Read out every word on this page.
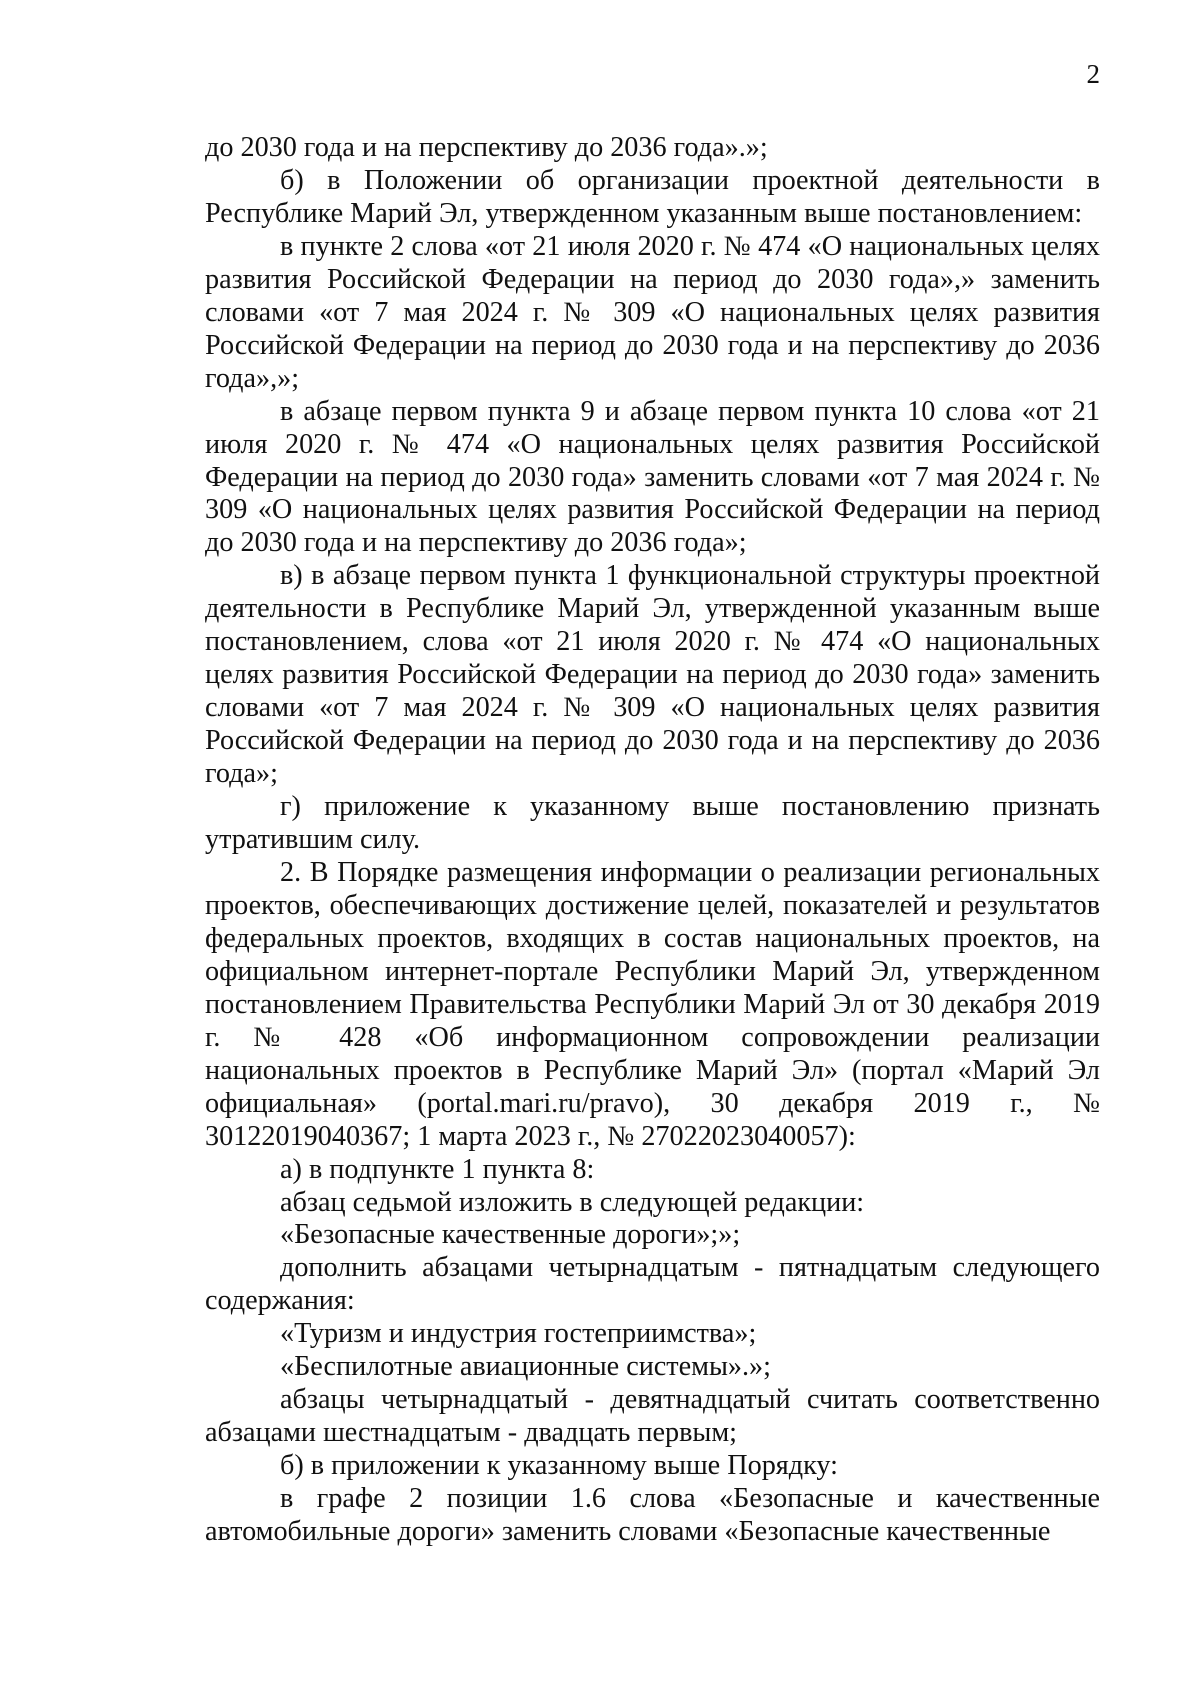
2

до 2030 года и на перспективу до 2036 года».»;

б) в Положении об организации проектной деятельности в Республике Марий Эл, утвержденном указанным выше постановлением:

в пункте 2 слова «от 21 июля 2020 г. № 474 «О национальных целях развития Российской Федерации на период до 2030 года»,» заменить словами «от 7 мая 2024 г. № 309 «О национальных целях развития Российской Федерации на период до 2030 года и на перспективу до 2036 года»,»;

в абзаце первом пункта 9 и абзаце первом пункта 10 слова «от 21 июля 2020 г. № 474 «О национальных целях развития Российской Федерации на период до 2030 года» заменить словами «от 7 мая 2024 г. № 309 «О национальных целях развития Российской Федерации на период до 2030 года и на перспективу до 2036 года»;

в) в абзаце первом пункта 1 функциональной структуры проектной деятельности в Республике Марий Эл, утвержденной указанным выше постановлением, слова «от 21 июля 2020 г. № 474 «О национальных целях развития Российской Федерации на период до 2030 года» заменить словами «от 7 мая 2024 г. № 309 «О национальных целях развития Российской Федерации на период до 2030 года и на перспективу до 2036 года»;

г) приложение к указанному выше постановлению признать утратившим силу.

2. В Порядке размещения информации о реализации региональных проектов, обеспечивающих достижение целей, показателей и результатов федеральных проектов, входящих в состав национальных проектов, на официальном интернет-портале Республики Марий Эл, утвержденном постановлением Правительства Республики Марий Эл от 30 декабря 2019 г. № 428 «Об информационном сопровождении реализации национальных проектов в Республике Марий Эл» (портал «Марий Эл официальная» (portal.mari.ru/pravo), 30 декабря 2019 г., № 30122019040367; 1 марта 2023 г., № 27022023040057):

а) в подпункте 1 пункта 8:

абзац седьмой изложить в следующей редакции:

«Безопасные качественные дороги»;»;

дополнить абзацами четырнадцатым - пятнадцатым следующего содержания:

«Туризм и индустрия гостеприимства»;

«Беспилотные авиационные системы».»;

абзацы четырнадцатый - девятнадцатый считать соответственно абзацами шестнадцатым - двадцать первым;

б) в приложении к указанному выше Порядку:

в графе 2 позиции 1.6 слова «Безопасные и качественные автомобильные дороги» заменить словами «Безопасные качественные
